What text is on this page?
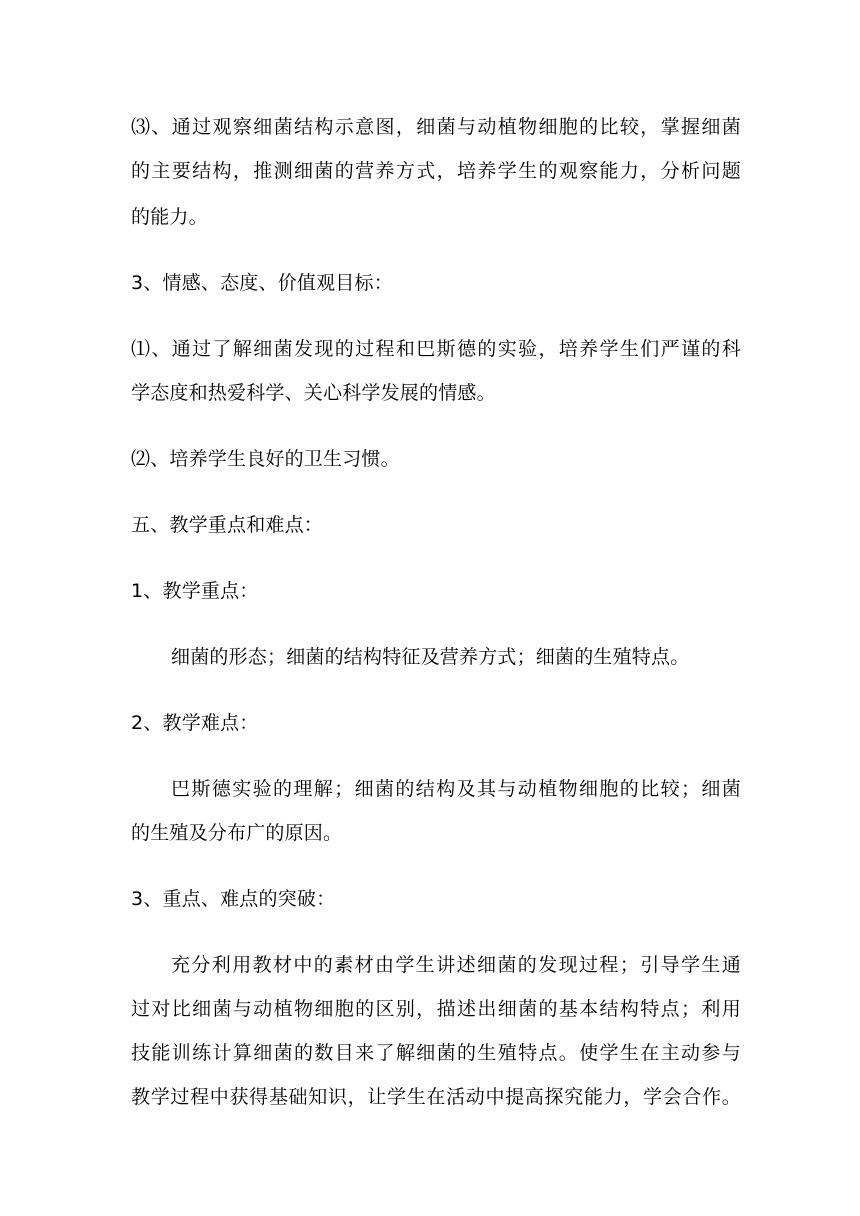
⑶、通过观察细菌结构示意图，细菌与动植物细胞的比较，掌握细菌
的主要结构，推测细菌的营养方式，培养学生的观察能力，分析问题
的能力。
3、情感、态度、价值观目标：
⑴、通过了解细菌发现的过程和巴斯德的实验，培养学生们严谨的科
学态度和热爱科学、关心科学发展的情感。
⑵、培养学生良好的卫生习惯。
五、教学重点和难点：
1、教学重点：
细菌的形态；细菌的结构特征及营养方式；细菌的生殖特点。
2、教学难点：
巴斯德实验的理解；细菌的结构及其与动植物细胞的比较；细菌
的生殖及分布广的原因。
3、重点、难点的突破：
充分利用教材中的素材由学生讲述细菌的发现过程；引导学生通
过对比细菌与动植物细胞的区别，描述出细菌的基本结构特点；利用
技能训练计算细菌的数目来了解细菌的生殖特点。使学生在主动参与
教学过程中获得基础知识，让学生在活动中提高探究能力，学会合作。
